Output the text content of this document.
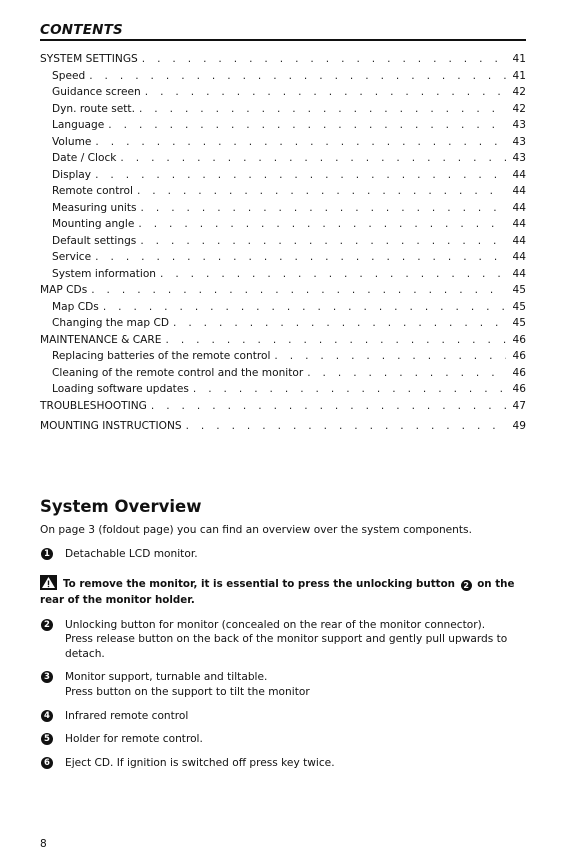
CONTENTS
SYSTEM SETTINGS . . .	41
Speed . . .	41
Guidance screen . . .	42
Dyn. route sett. . . .	42
Language . . .	43
Volume . . .	43
Date / Clock . . .	43
Display . . .	44
Remote control . . .	44
Measuring units . . .	44
Mounting angle . . .	44
Default settings . . .	44
Service . . .	44
System information . . .	44
MAP CDs . . .	45
Map CDs . . .	45
Changing the map CD . . .	45
MAINTENANCE & CARE . . .	46
Replacing batteries of the remote control . . .	46
Cleaning of the remote control and the monitor . . .	46
Loading software updates . . .	46
TROUBLESHOOTING . . .	47
MOUNTING INSTRUCTIONS . . .	49
System Overview
On page 3 (foldout page) you can find an overview over the system components.
1 Detachable LCD monitor.
To remove the monitor, it is essential to press the unlocking button 2 on the rear of the monitor holder.
2 Unlocking button for monitor (concealed on the rear of the monitor connector).
Press release button on the back of the monitor support and gently pull upwards to detach.
3 Monitor support, turnable and tiltable.
Press button on the support to tilt the monitor
4 Infrared remote control
5 Holder for remote control.
6 Eject CD. If ignition is switched off press key twice.
8
